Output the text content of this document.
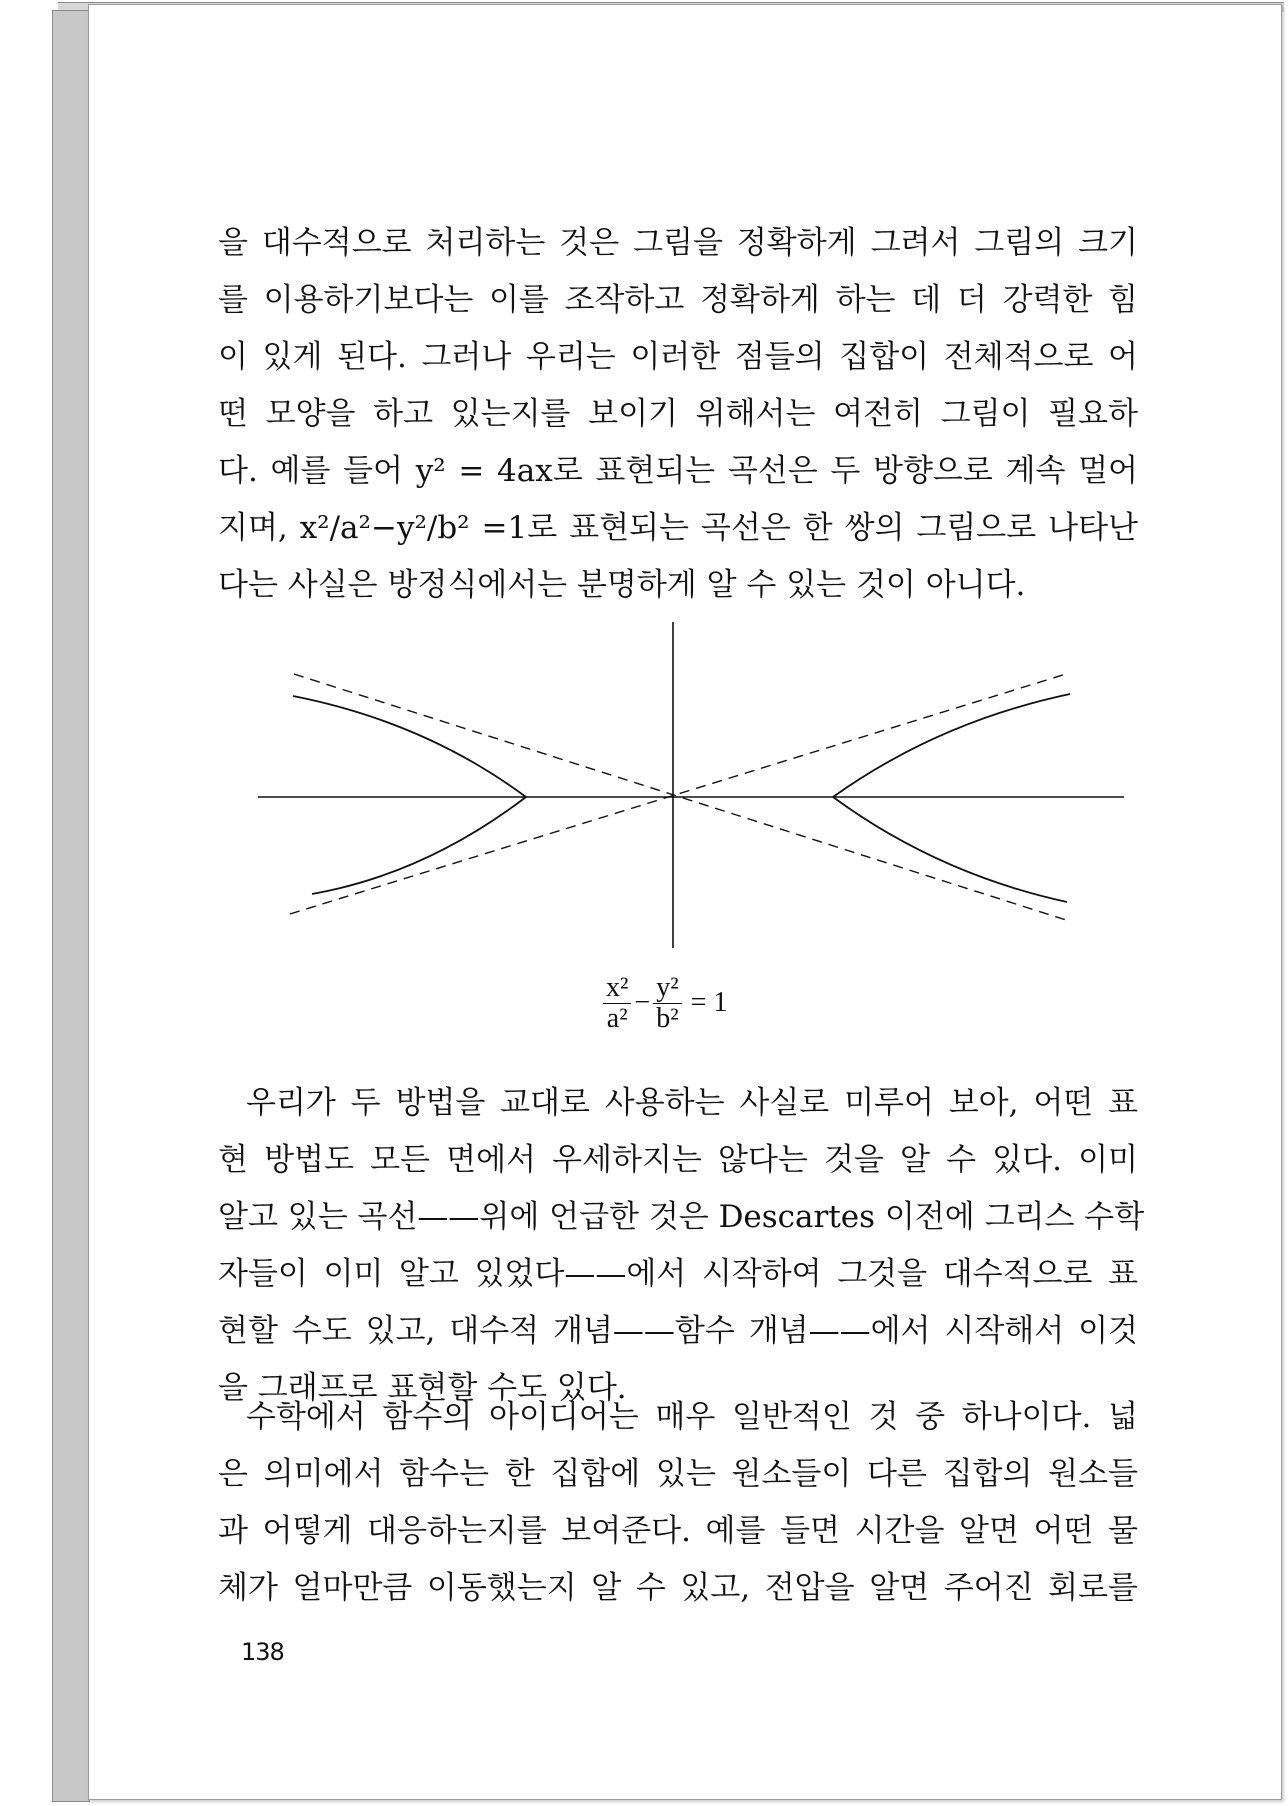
을 대수적으로 처리하는 것은 그림을 정확하게 그려서 그림의 크기
를 이용하기보다는 이를 조작하고 정확하게 하는 데 더 강력한 힘
이 있게 된다. 그러나 우리는 이러한 점들의 집합이 전체적으로 어
떤 모양을 하고 있는지를 보이기 위해서는 여전히 그림이 필요하
다. 예를 들어 y² = 4ax로 표현되는 곡선은 두 방향으로 계속 멀어
지며, x²/a²−y²/b² =1로 표현되는 곡선은 한 쌍의 그림으로 나타난
다는 사실은 방정식에서는 분명하게 알 수 있는 것이 아니다.
$\frac{\text{x²}}{\text{a²}} - \frac{\text{y²}}{\text{b²}} = 1$
우리가 두 방법을 교대로 사용하는 사실로 미루어 보아, 어떤 표
현 방법도 모든 면에서 우세하지는 않다는 것을 알 수 있다. 이미
알고 있는 곡선——위에 언급한 것은 Descartes 이전에 그리스 수학
자들이 이미 알고 있었다——에서 시작하여 그것을 대수적으로 표
현할 수도 있고, 대수적 개념——함수 개념——에서 시작해서 이것
을 그래프로 표현할 수도 있다.
수학에서 함수의 아이디어는 매우 일반적인 것 중 하나이다. 넓
은 의미에서 함수는 한 집합에 있는 원소들이 다른 집합의 원소들
과 어떻게 대응하는지를 보여준다. 예를 들면 시간을 알면 어떤 물
체가 얼마만큼 이동했는지 알 수 있고, 전압을 알면 주어진 회로를
138
